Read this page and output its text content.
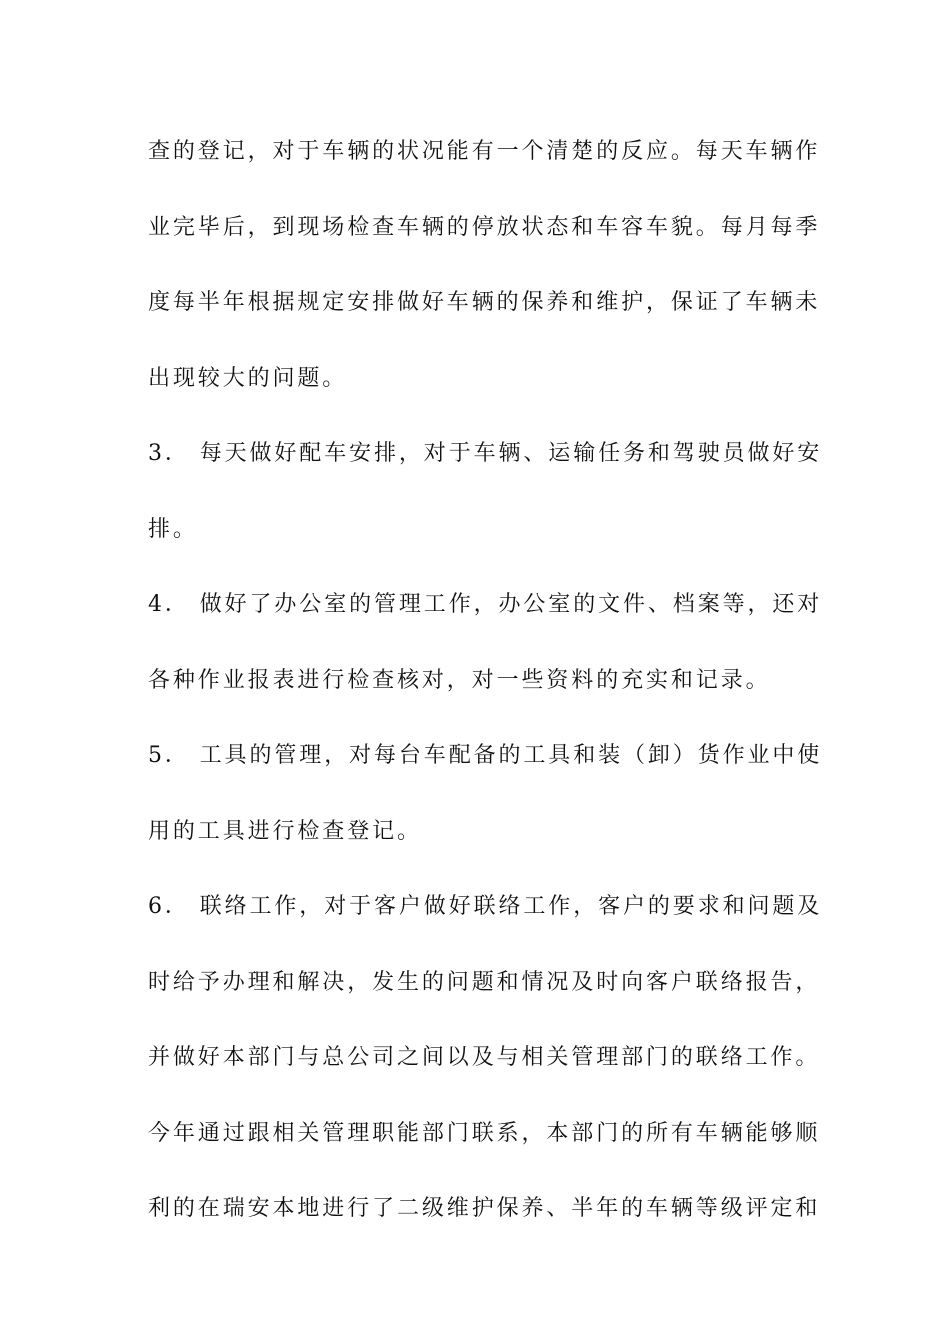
查的登记，对于车辆的状况能有一个清楚的反应。每天车辆作
业完毕后，到现场检查车辆的停放状态和车容车貌。每月每季
度每半年根据规定安排做好车辆的保养和维护，保证了车辆未
出现较大的问题。
3． 每天做好配车安排，对于车辆、运输任务和驾驶员做好安
排。
4． 做好了办公室的管理工作，办公室的文件、档案等，还对
各种作业报表进行检查核对，对一些资料的充实和记录。
5． 工具的管理，对每台车配备的工具和装（卸）货作业中使
用的工具进行检查登记。
6． 联络工作，对于客户做好联络工作，客户的要求和问题及
时给予办理和解决，发生的问题和情况及时向客户联络报告，
并做好本部门与总公司之间以及与相关管理部门的联络工作。
今年通过跟相关管理职能部门联系，本部门的所有车辆能够顺
利的在瑞安本地进行了二级维护保养、半年的车辆等级评定和
